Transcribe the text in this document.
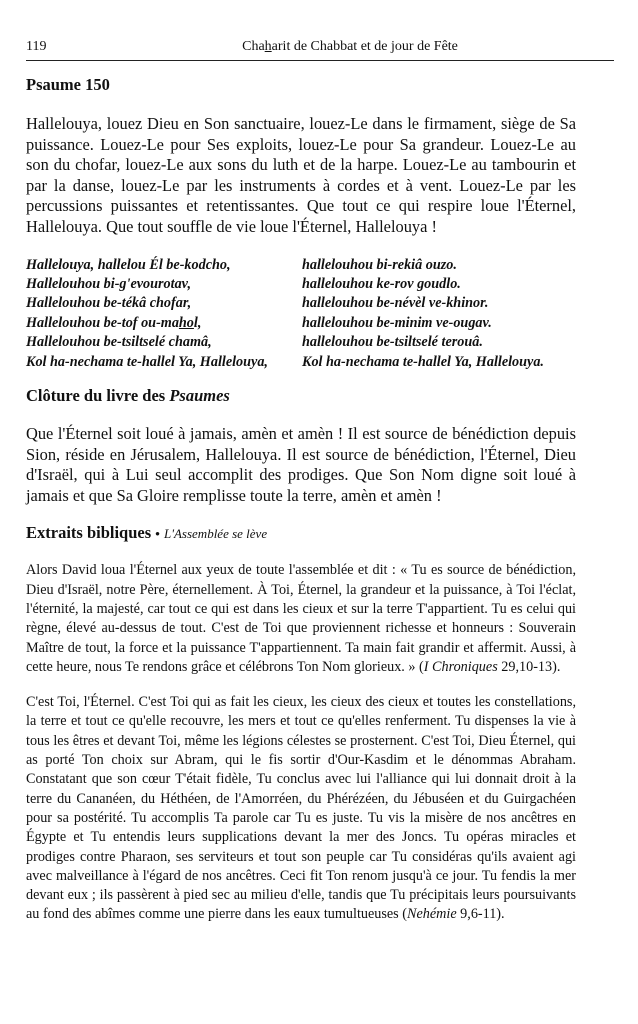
119	Chaharit de Chabbat et de jour de Fête
Psaume 150

Hallelouya, louez Dieu en Son sanctuaire, louez-Le dans le firmament, siège de Sa puissance. Louez-Le pour Ses exploits, louez-Le pour Sa grandeur. Louez-Le au son du chofar, louez-Le aux sons du luth et de la harpe. Louez-Le au tambourin et par la danse, louez-Le par les instruments à cordes et à vent. Louez-Le par les percussions puissantes et retentissantes. Que tout ce qui respire loue l'Éternel, Hallelouya. Que tout souffle de vie loue l'Éternel, Hallelouya !

Hallelouya, hallelou Él be-kodcho,
Hallelouhou bi-g'evourotav,
Hallelouhou be-tékâ chofar,
Hallelouhou be-tof ou-mahol,
Hallelouhou be-tsiltselé chamâ,
Kol ha-nechama te-hallel Ya, Hallelouya,
hallelouhou bi-rekiâ ouzo.
hallelouhou ke-rov goudlo.
hallelouhou be-névèl ve-khinor.
hallelouhou be-minim ve-ougav.
hallelouhou be-tsiltselé terouâ.
Kol ha-nechama te-hallel Ya, Hallelouya.
Clôture du livre des Psaumes

Que l'Éternel soit loué à jamais, amèn et amèn ! Il est source de bénédiction depuis Sion, réside en Jérusalem, Hallelouya. Il est source de bénédiction, l'Éternel, Dieu d'Israël, qui à Lui seul accomplit des prodiges. Que Son Nom digne soit loué à jamais et que Sa Gloire remplisse toute la terre, amèn et amèn !

Extraits bibliques • L'Assemblée se lève

Alors David loua l'Éternel aux yeux de toute l'assemblée et dit : « Tu es source de bénédiction, Dieu d'Israël, notre Père, éternellement. À Toi, Éternel, la grandeur et la puissance, à Toi l'éclat, l'éternité, la majesté, car tout ce qui est dans les cieux et sur la terre T'appartient. Tu es celui qui règne, élevé au-dessus de tout. C'est de Toi que proviennent richesse et honneurs : Souverain Maître de tout, la force et la puissance T'appartiennent. Ta main fait grandir et affermit. Aussi, à cette heure, nous Te rendons grâce et célébrons Ton Nom glorieux. » (I Chroniques 29,10-13).

C'est Toi, l'Éternel. C'est Toi qui as fait les cieux, les cieux des cieux et toutes les constellations, la terre et tout ce qu'elle recouvre, les mers et tout ce qu'elles renferment. Tu dispenses la vie à tous les êtres et devant Toi, même les légions célestes se prosternent. C'est Toi, Dieu Éternel, qui as porté Ton choix sur Abram, qui le fis sortir d'Our-Kasdim et le dénommas Abraham. Constatant que son cœur T'était fidèle, Tu conclus avec lui l'alliance qui lui donnait droit à la terre du Cananéen, du Héthéen, de l'Amorréen, du Phérézéen, du Jébuséen et du Guirgachéen pour sa postérité. Tu accomplis Ta parole car Tu es juste. Tu vis la misère de nos ancêtres en Égypte et Tu entendis leurs supplications devant la mer des Joncs. Tu opéras miracles et prodiges contre Pharaon, ses serviteurs et tout son peuple car Tu considéras qu'ils avaient agi avec malveillance à l'égard de nos ancêtres. Ceci fit Ton renom jusqu'à ce jour. Tu fendis la mer devant eux ; ils passèrent à pied sec au milieu d'elle, tandis que Tu précipitais leurs poursuivants au fond des abîmes comme une pierre dans les eaux tumultueuses (Nehémie 9,6-11).
